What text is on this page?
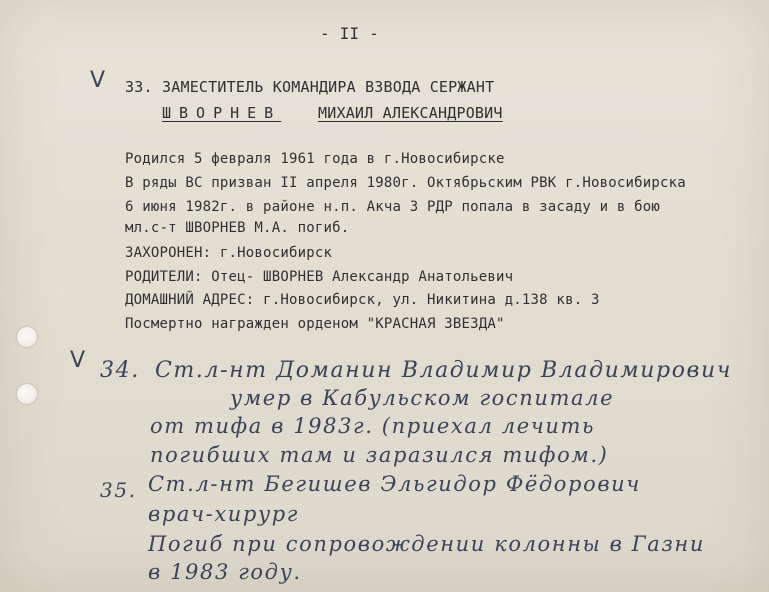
- II -
V 33. ЗАМЕСТИТЕЛЬ КОМАНДИРА ВЗВОДА СЕРЖАНТ
ШВОРНЕВ МИХАИЛ АЛЕКСАНДРОВИЧ
Родился 5 февраля 1961 года в г.Новосибирске
В ряды ВС призван II апреля 1980г. Октябрьским РВК г.Новосибирска
6 июня 1982г. в районе н.п. Акча З РДР попала в засаду и в бою
мл.с-т ШВОРНЕВ М.А. погиб.
ЗАХОРОНЕН: г.Новосибирск
РОДИТЕЛИ: Отец- ШВОРНЕВ Александр Анатольевич
ДОМАШНИЙ АДРЕС: г.Новосибирск, ул. Никитина д.138 кв. 3
Посмертно награжден орденом "КРАСНАЯ ЗВЕЗДА"
V 34. Ст.л-нт Доманин Владимир Владимирович
умер в Кабульском госпитале
от тифа в 1983г. (приехал лечить
погибших там и заразился тифом.)
35. Ст.л-нт Бегишев Эльгидор Фёдорович
врач-хирург
Погиб при сопровождении колонны в Газни
в 1983 году.
